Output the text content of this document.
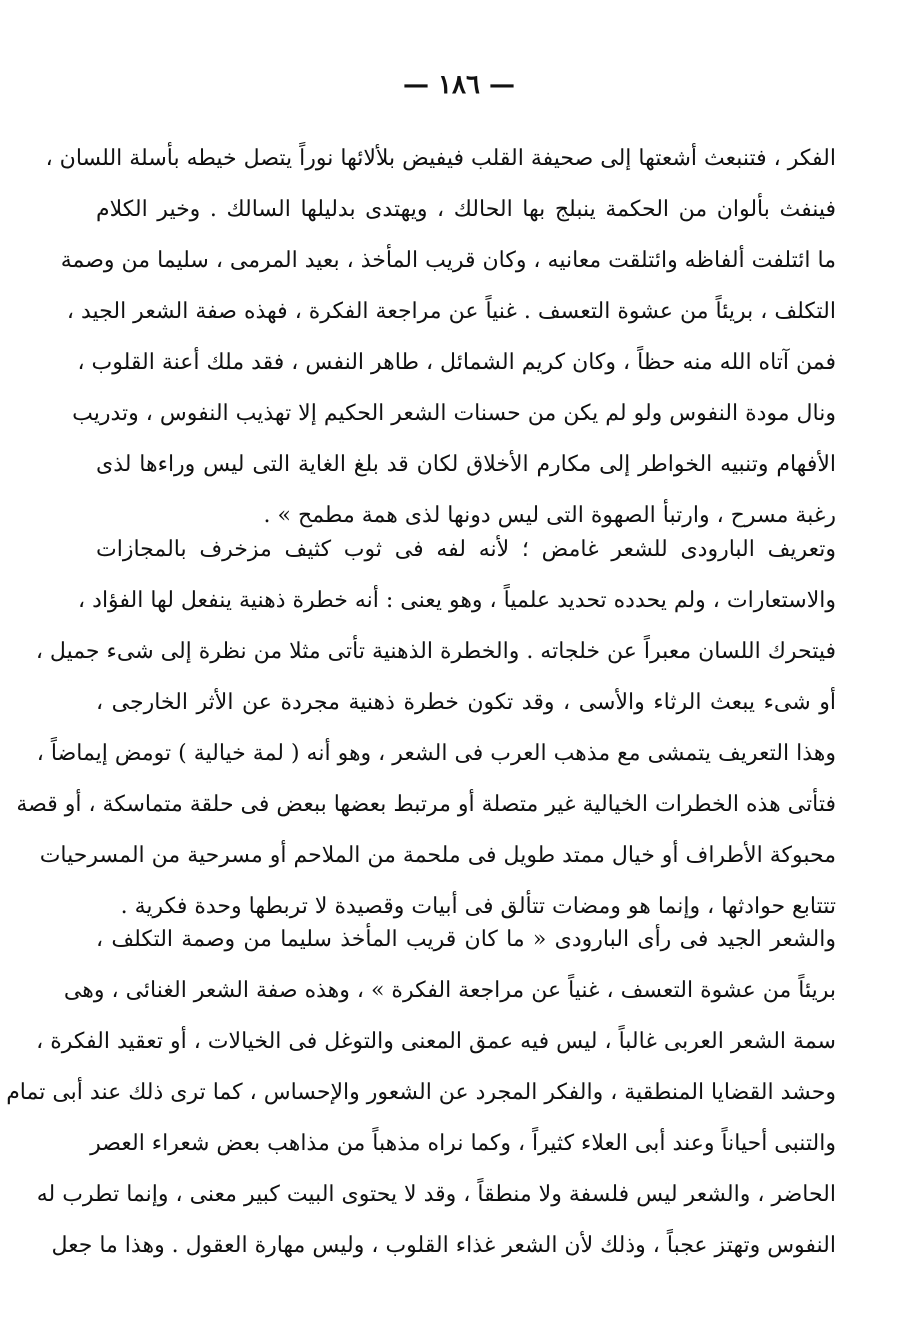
— ١٨٦ —
الفكر ، فتنبعث أشعتها إلى صحيفة القلب فيفيض بلألائها نوراً يتصل خيطه بأسلة اللسان ،
فينفث بألوان من الحكمة ينبلج بها الحالك ، ويهتدى بدليلها السالك . وخير الكلام
ما ائتلفت ألفاظه وائتلقت معانيه ، وكان قريب المأخذ ، بعيد المرمى ، سليما من وصمة
التكلف ، بريئاً من عشوة التعسف . غنياً عن مراجعة الفكرة ، فهذه صفة الشعر الجيد ،
فمن آتاه الله منه حظاً ، وكان كريم الشمائل ، طاهر النفس ، فقد ملك أعنة القلوب ،
ونال مودة النفوس ولو لم يكن من حسنات الشعر الحكيم إلا تهذيب النفوس ، وتدريب
الأفهام وتنبيه الخواطر إلى مكارم الأخلاق لكان قد بلغ الغاية التى ليس وراءها لذى
رغبة مسرح ، وارتبأ الصهوة التى ليس دونها لذى همة مطمح » .
وتعريف البارودى للشعر غامض ؛ لأنه لفه فى ثوب كثيف مزخرف بالمجازات
والاستعارات ، ولم يحدده تحديد علمياً ، وهو يعنى : أنه خطرة ذهنية ينفعل لها الفؤاد ،
فيتحرك اللسان معبراً عن خلجاته . والخطرة الذهنية تأتى مثلا من نظرة إلى شىء جميل ،
أو شىء يبعث الرثاء والأسى ، وقد تكون خطرة ذهنية مجردة عن الأثر الخارجى ،
وهذا التعريف يتمشى مع مذهب العرب فى الشعر ، وهو أنه ( لمة خيالية ) تومض إيماضاً ،
فتأتى هذه الخطرات الخيالية غير متصلة أو مرتبط بعضها ببعض فى حلقة متماسكة ، أو قصة
محبوكة الأطراف أو خيال ممتد طويل فى ملحمة من الملاحم أو مسرحية من المسرحيات
تتتابع حوادثها ، وإنما هو ومضات تتألق فى أبيات وقصيدة لا تربطها وحدة فكرية .
والشعر الجيد فى رأى البارودى « ما كان قريب المأخذ سليما من وصمة التكلف ،
بريئاً من عشوة التعسف ، غنياً عن مراجعة الفكرة » ، وهذه صفة الشعر الغنائى ، وهى
سمة الشعر العربى غالباً ، ليس فيه عمق المعنى والتوغل فى الخيالات ، أو تعقيد الفكرة ،
وحشد القضايا المنطقية ، والفكر المجرد عن الشعور والإحساس ، كما ترى ذلك عند أبى تمام
والتنبى أحياناً وعند أبى العلاء كثيراً ، وكما نراه مذهباً من مذاهب بعض شعراء العصر
الحاضر ، والشعر ليس فلسفة ولا منطقاً ، وقد لا يحتوى البيت كبير معنى ، وإنما تطرب له
النفوس وتهتز عجباً ، وذلك لأن الشعر غذاء القلوب ، وليس مهارة العقول . وهذا ما جعل
